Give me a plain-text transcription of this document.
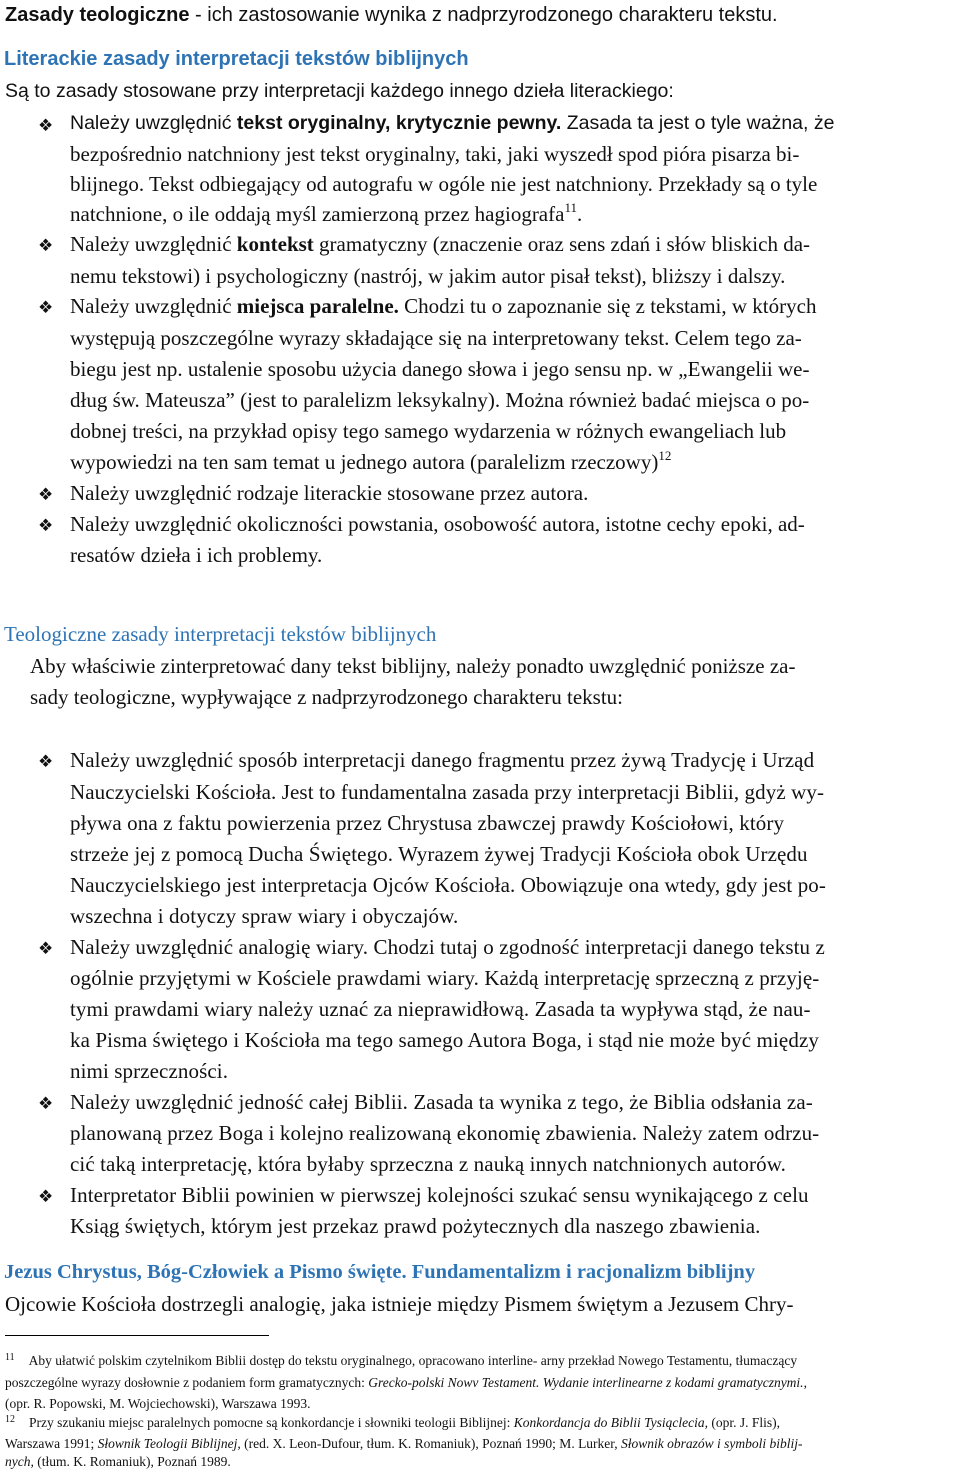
Zasady teologiczne - ich zastosowanie wynika z nadprzyrodzonego charakteru tekstu.
Literackie zasady interpretacji tekstów biblijnych
Są to zasady stosowane przy interpretacji każdego innego dzieła literackiego:
❖ Należy uwzględnić tekst oryginalny, krytycznie pewny. Zasada ta jest o tyle ważna, że
bezpośrednio natchniony jest tekst oryginalny, taki, jaki wyszedł spod pióra pisarza bi-
blijnego. Tekst odbiegający od autografu w ogóle nie jest natchniony. Przekłady są o tyle
natchnione, o ile oddają myśl zamierzoną przez hagiografa$^{11}$.
❖ Należy uwzględnić kontekst gramatyczny (znaczenie oraz sens zdań i słów bliskich da-
nemu tekstowi) i psychologiczny (nastrój, w jakim autor pisał tekst), bliższy i dalszy.
❖ Należy uwzględnić miejsca paralelne. Chodzi tu o zapoznanie się z tekstami, w których
występują poszczególne wyrazy składające się na interpretowany tekst. Celem tego za-
biegu jest np. ustalenie sposobu użycia danego słowa i jego sensu np. w „Ewangelii we-
dług św. Mateusza” (jest to paralelizm leksykalny). Można również badać miejsca o po-
dobnej treści, na przykład opisy tego samego wydarzenia w różnych ewangeliach lub
wypowiedzi na ten sam temat u jednego autora (paralelizm rzeczowy)$^{12}$
❖ Należy uwzględnić rodzaje literackie stosowane przez autora.
❖ Należy uwzględnić okoliczności powstania, osobowość autora, istotne cechy epoki, ad-
resatów dzieła i ich problemy.
Teologiczne zasady interpretacji tekstów biblijnych
Aby właściwie zinterpretować dany tekst biblijny, należy ponadto uwzględnić poniższe za-
sady teologiczne, wypływające z nadprzyrodzonego charakteru tekstu:
❖ Należy uwzględnić sposób interpretacji danego fragmentu przez żywą Tradycję i Urząd
Nauczycielski Kościoła. Jest to fundamentalna zasada przy interpretacji Biblii, gdyż wy-
pływa ona z faktu powierzenia przez Chrystusa zbawczej prawdy Kościołowi, który
strzeże jej z pomocą Ducha Świętego. Wyrazem żywej Tradycji Kościoła obok Urzędu
Nauczycielskiego jest interpretacja Ojców Kościoła. Obowiązuje ona wtedy, gdy jest po-
wszechna i dotyczy spraw wiary i obyczajów.
❖ Należy uwzględnić analogię wiary. Chodzi tutaj o zgodność interpretacji danego tekstu z
ogólnie przyjętymi w Kościele prawdami wiary. Każdą interpretację sprzeczną z przyję-
tymi prawdami wiary należy uznać za nieprawidłową. Zasada ta wypływa stąd, że nau-
ka Pisma świętego i Kościoła ma tego samego Autora Boga, i stąd nie może być między
nimi sprzeczności.
❖ Należy uwzględnić jedność całej Biblii. Zasada ta wynika z tego, że Biblia odsłania za-
planowaną przez Boga i kolejno realizowaną ekonomię zbawienia. Należy zatem odrzu-
cić taką interpretację, która byłaby sprzeczna z nauką innych natchnionych autorów.
❖ Interpretator Biblii powinien w pierwszej kolejności szukać sensu wynikającego z celu
Ksiąg świętych, którym jest przekaz prawd pożytecznych dla naszego zbawienia.
Jezus Chrystus, Bóg-Człowiek a Pismo święte. Fundamentalizm i racjonalizm biblijny
Ojcowie Kościoła dostrzegli analogię, jaka istnieje między Pismem świętym a Jezusem Chry-
$^{11}$ Aby ułatwić polskim czytelnikom Biblii dostęp do tekstu oryginalnego, opracowano interline- arny przekład Nowego Testamentu, tłumaczący
poszczególne wyrazy dosłownie z podaniem form gramatycznych: Grecko-polski Nowv Testament. Wydanie interlinearne z kodami gramatycznymi.,
(opr. R. Popowski, M. Wojciechowski), Warszawa 1993.
$^{12}$ Przy szukaniu miejsc paralelnych pomocne są konkordancje i słowniki teologii Biblijnej: Konkordancja do Biblii Tysiąclecia, (opr. J. Flis),
Warszawa 1991; Słownik Teologii Biblijnej, (red. X. Leon-Dufour, tłum. K. Romaniuk), Poznań 1990; M. Lurker, Słownik obrazów i symboli biblij-
nych, (tłum. K. Romaniuk), Poznań 1989.
